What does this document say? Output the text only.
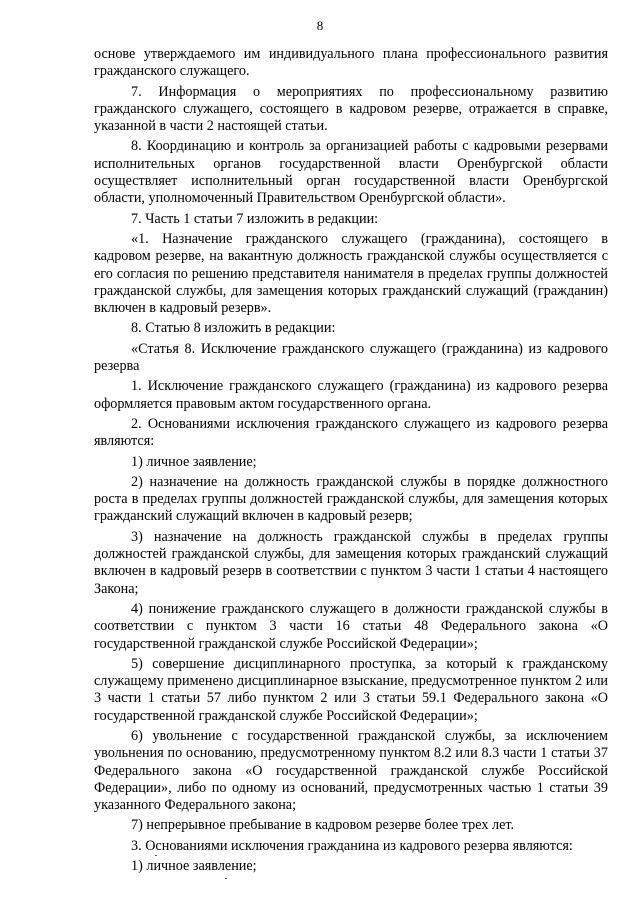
8

основе утверждаемого им индивидуального плана профессионального развития гражданского служащего.

7. Информация о мероприятиях по профессиональному развитию гражданского служащего, состоящего в кадровом резерве, отражается в справке, указанной в части 2 настоящей статьи.

8. Координацию и контроль за организацией работы с кадровыми резервами исполнительных органов государственной власти Оренбургской области осуществляет исполнительный орган государственной власти Оренбургской области, уполномоченный Правительством Оренбургской области».

7. Часть 1 статьи 7 изложить в редакции:

«1. Назначение гражданского служащего (гражданина), состоящего в кадровом резерве, на вакантную должность гражданской службы осуществляется с его согласия по решению представителя нанимателя в пределах группы должностей гражданской службы, для замещения которых гражданский служащий (гражданин) включен в кадровый резерв».

8. Статью 8 изложить в редакции:

«Статья 8. Исключение гражданского служащего (гражданина) из кадрового резерва

1. Исключение гражданского служащего (гражданина) из кадрового резерва оформляется правовым актом государственного органа.

2. Основаниями исключения гражданского служащего из кадрового резерва являются:

1) личное заявление;

2) назначение на должность гражданской службы в порядке должностного роста в пределах группы должностей гражданской службы, для замещения которых гражданский служащий включен в кадровый резерв;

3) назначение на должность гражданской службы в пределах группы должностей гражданской службы, для замещения которых гражданский служащий включен в кадровый резерв в соответствии с пунктом 3 части 1 статьи 4 настоящего Закона;

4) понижение гражданского служащего в должности гражданской службы в соответствии с пунктом 3 части 16 статьи 48 Федерального закона «О государственной гражданской службе Российской Федерации»;

5) совершение дисциплинарного проступка, за который к гражданскому служащему применено дисциплинарное взыскание, предусмотренное пунктом 2 или 3 части 1 статьи 57 либо пунктом 2 или 3 статьи 59.1 Федерального закона «О государственной гражданской службе Российской Федерации»;

6) увольнение с государственной гражданской службы, за исключением увольнения по основанию, предусмотренному пунктом 8.2 или 8.3 части 1 статьи 37 Федерального закона «О государственной гражданской службе Российской Федерации», либо по одному из оснований, предусмотренных частью 1 статьи 39 указанного Федерального закона;

7) непрерывное пребывание в кадровом резерве более трех лет.

3. Основаниями исключения гражданина из кадрового резерва являются:

1) личное заявление;
